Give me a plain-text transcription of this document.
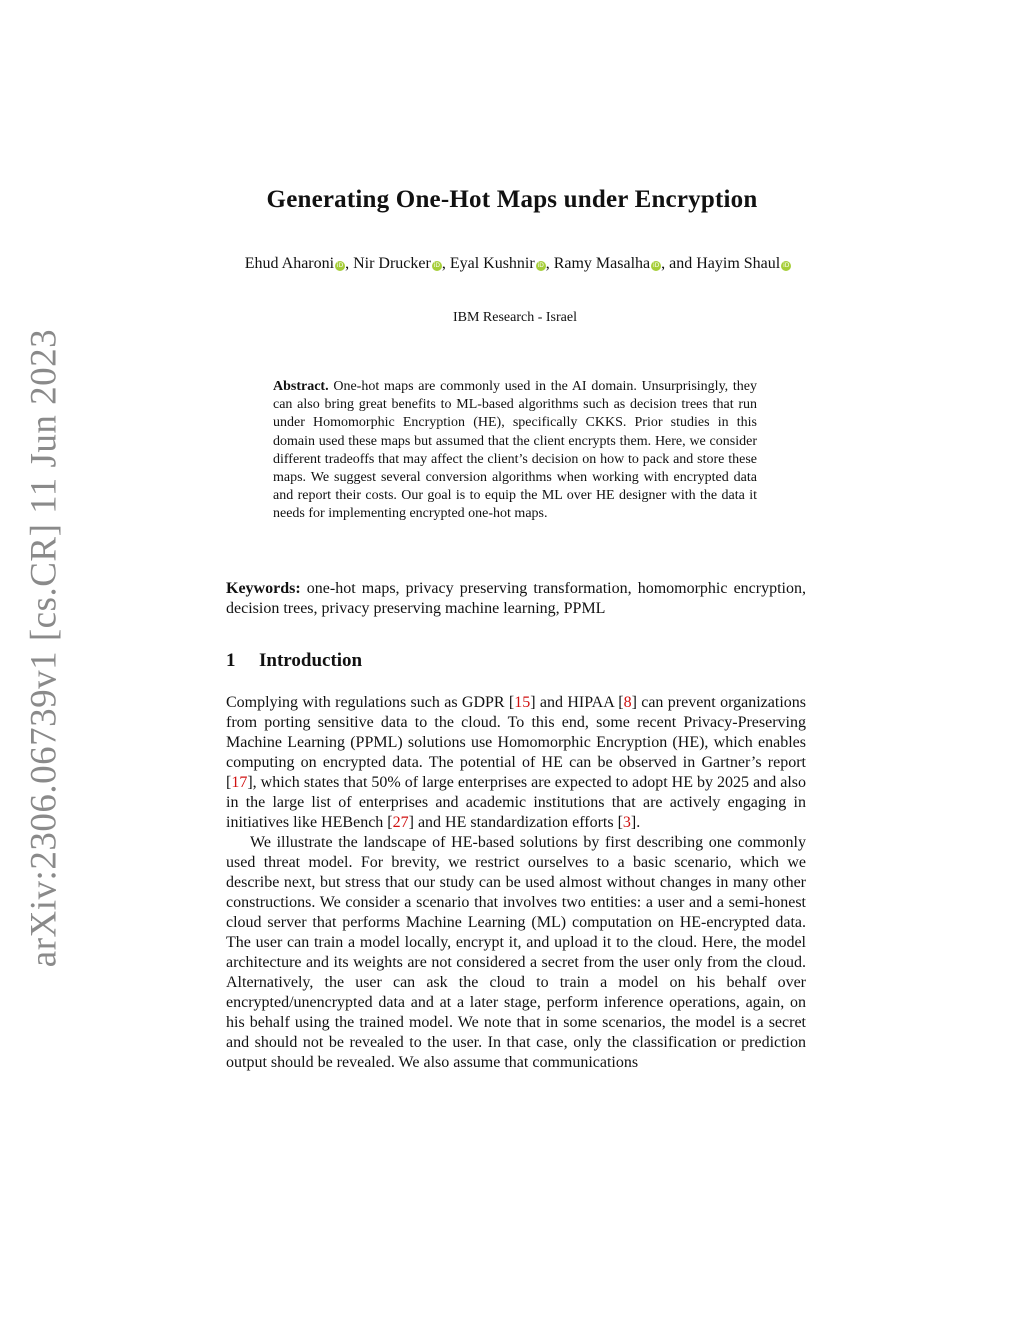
arXiv:2306.06739v1 [cs.CR] 11 Jun 2023
Generating One-Hot Maps under Encryption
Ehud Aharoni iD , Nir Drucker iD , Eyal Kushnir iD , Ramy Masalha iD , and Hayim Shaul iD
IBM Research - Israel
Abstract. One-hot maps are commonly used in the AI domain. Unsurprisingly, they can also bring great benefits to ML-based algorithms such as decision trees that run under Homomorphic Encryption (HE), specifically CKKS. Prior studies in this domain used these maps but assumed that the client encrypts them. Here, we consider different tradeoffs that may affect the client’s decision on how to pack and store these maps. We suggest several conversion algorithms when working with encrypted data and report their costs. Our goal is to equip the ML over HE designer with the data it needs for implementing encrypted one-hot maps.
Keywords: one-hot maps, privacy preserving transformation, homomorphic encryption, decision trees, privacy preserving machine learning, PPML
1 Introduction

Complying with regulations such as GDPR [15] and HIPAA [8] can prevent organizations from porting sensitive data to the cloud. To this end, some recent Privacy-Preserving Machine Learning (PPML) solutions use Homomorphic Encryption (HE), which enables computing on encrypted data. The potential of HE can be observed in Gartner’s report [17], which states that 50% of large enterprises are expected to adopt HE by 2025 and also in the large list of enterprises and academic institutions that are actively engaging in initiatives like HEBench [27] and HE standardization efforts [3].

We illustrate the landscape of HE-based solutions by first describing one commonly used threat model. For brevity, we restrict ourselves to a basic scenario, which we describe next, but stress that our study can be used almost without changes in many other constructions. We consider a scenario that involves two entities: a user and a semi-honest cloud server that performs Machine Learning (ML) computation on HE-encrypted data. The user can train a model locally, encrypt it, and upload it to the cloud. Here, the model architecture and its weights are not considered a secret from the user only from the cloud. Alternatively, the user can ask the cloud to train a model on his behalf over encrypted/unencrypted data and at a later stage, perform inference operations, again, on his behalf using the trained model. We note that in some scenarios, the model is a secret and should not be revealed to the user. In that case, only the classification or prediction output should be revealed. We also assume that communications
